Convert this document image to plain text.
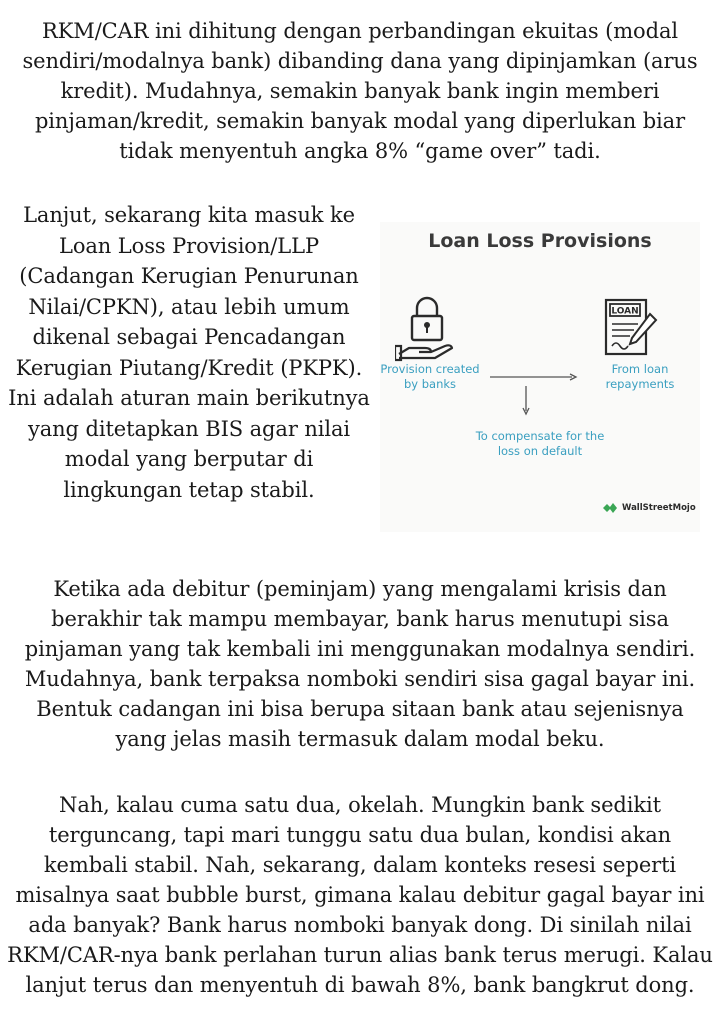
RKM/CAR ini dihitung dengan perbandingan ekuitas (modal sendiri/modalnya bank) dibanding dana yang dipinjamkan (arus kredit). Mudahnya, semakin banyak bank ingin memberi pinjaman/kredit, semakin banyak modal yang diperlukan biar tidak menyentuh angka 8% “game over” tadi.

Lanjut, sekarang kita masuk ke Loan Loss Provision/LLP (Cadangan Kerugian Penurunan Nilai/CPKN), atau lebih umum dikenal sebagai Pencadangan Kerugian Piutang/Kredit (PKPK). Ini adalah aturan main berikutnya yang ditetapkan BIS agar nilai modal yang berputar di lingkungan tetap stabil.

Loan Loss Provisions
LOAN
Provision created by banks
From loan repayments
To compensate for the loss on default
WallStreetMojo

Ketika ada debitur (peminjam) yang mengalami krisis dan berakhir tak mampu membayar, bank harus menutupi sisa pinjaman yang tak kembali ini menggunakan modalnya sendiri. Mudahnya, bank terpaksa nomboki sendiri sisa gagal bayar ini. Bentuk cadangan ini bisa berupa sitaan bank atau sejenisnya yang jelas masih termasuk dalam modal beku.

Nah, kalau cuma satu dua, okelah. Mungkin bank sedikit terguncang, tapi mari tunggu satu dua bulan, kondisi akan kembali stabil. Nah, sekarang, dalam konteks resesi seperti misalnya saat bubble burst, gimana kalau debitur gagal bayar ini ada banyak? Bank harus nomboki banyak dong. Di sinilah nilai RKM/CAR-nya bank perlahan turun alias bank terus merugi. Kalau lanjut terus dan menyentuh di bawah 8%, bank bangkrut dong.
